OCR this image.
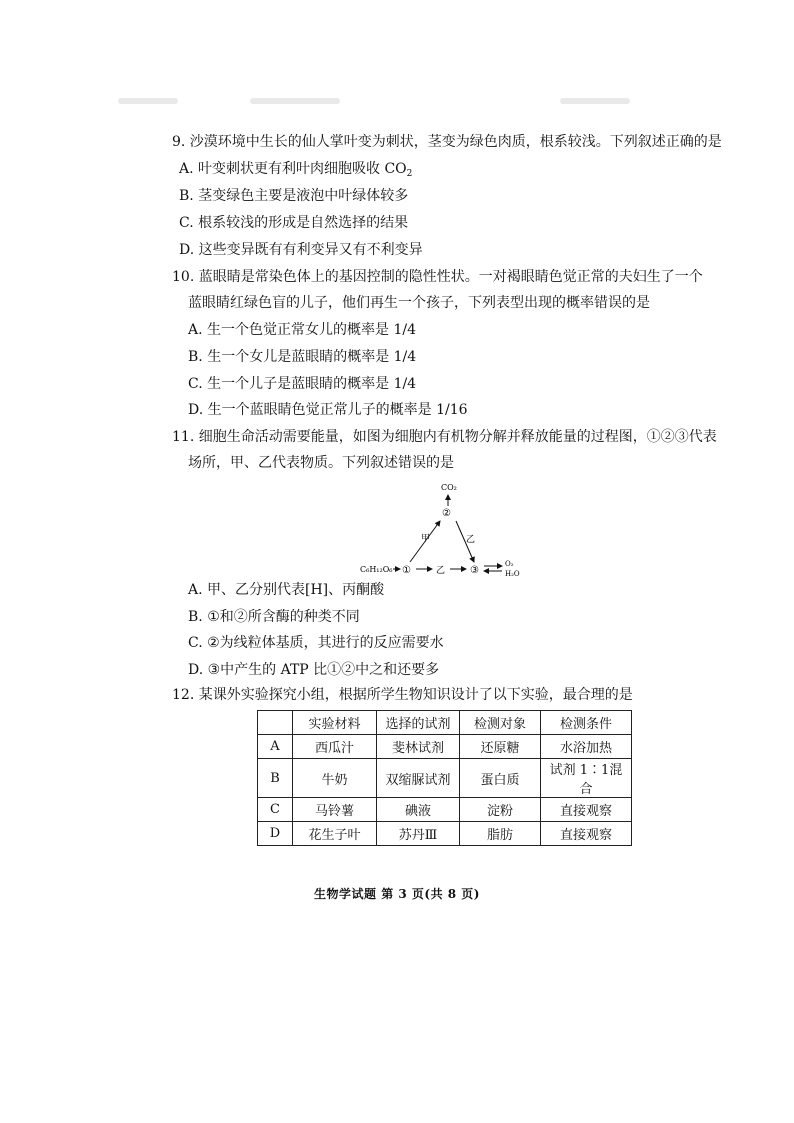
9. 沙漠环境中生长的仙人掌叶变为刺状，茎变为绿色肉质，根系较浅。下列叙述正确的是
A. 叶变刺状更有利叶肉细胞吸收 $CO_2$
B. 茎变绿色主要是液泡中叶绿体较多
C. 根系较浅的形成是自然选择的结果
D. 这些变异既有有利变异又有不利变异
10. 蓝眼睛是常染色体上的基因控制的隐性性状。一对褐眼睛色觉正常的夫妇生了一个
蓝眼睛红绿色盲的儿子，他们再生一个孩子，下列表型出现的概率错误的是
A. 生一个色觉正常女儿的概率是 1/4
B. 生一个女儿是蓝眼睛的概率是 1/4
C. 生一个儿子是蓝眼睛的概率是 1/4
D. 生一个蓝眼睛色觉正常儿子的概率是 1/16
11. 细胞生命活动需要能量，如图为细胞内有机物分解并释放能量的过程图，①②③代表
场所，甲、乙代表物质。下列叙述错误的是
CO₂
②
甲	乙
C₆H₁₂O₆ ①	乙 ③
O₂
H₂O
A. 甲、乙分别代表[H]、丙酮酸
B. ①和②所含酶的种类不同
C. ②为线粒体基质，其进行的反应需要水
D. ③中产生的 ATP 比①②中之和还要多
12. 某课外实验探究小组，根据所学生物知识设计了以下实验，最合理的是
	实验材料	选择的试剂	检测对象	检测条件
A	西瓜汁	斐林试剂	还原糖	水浴加热
B	牛奶	双缩脲试剂	蛋白质	试剂 1∶1混合
C	马铃薯	碘液	淀粉	直接观察
D	花生子叶	苏丹Ⅲ	脂肪	直接观察
生物学试题 第 3 页(共 8 页)
